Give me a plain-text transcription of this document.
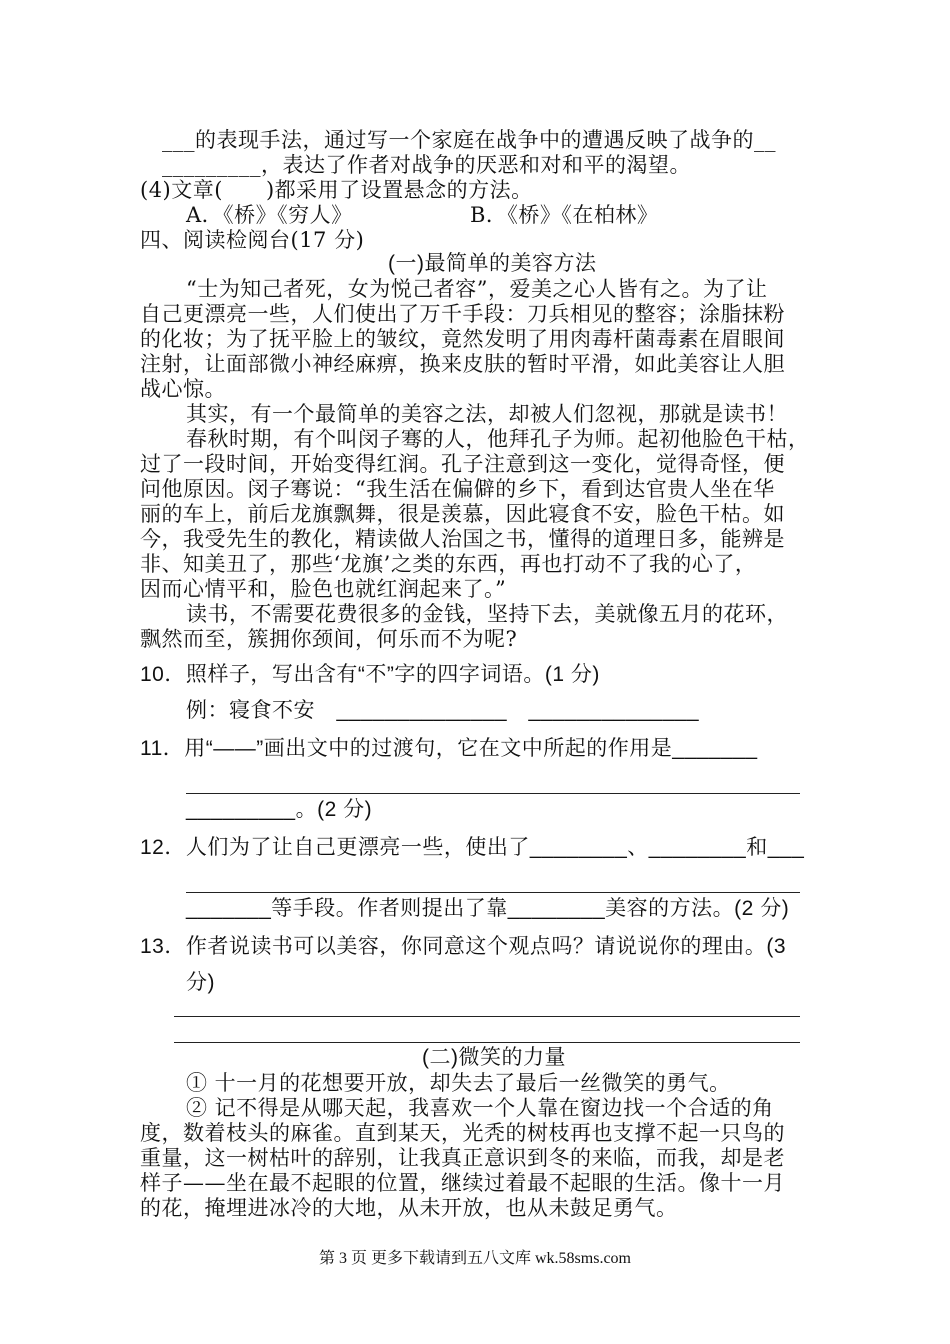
___的表现手法，通过写一个家庭在战争中的遭遇反映了战争的__
_________，表达了作者对战争的厌恶和对和平的渴望。
(4)文章(　　)都采用了设置悬念的方法。
A．《桥》《穷人》	B．《桥》《在柏林》
四、阅读检阅台(17 分)
(一)最简单的美容方法
“士为知己者死，女为悦己者容”，爱美之心人皆有之。为了让
自己更漂亮一些，人们使出了万千手段：刀兵相见的整容；涂脂抹粉
的化妆；为了抚平脸上的皱纹，竟然发明了用肉毒杆菌毒素在眉眼间
注射，让面部微小神经麻痹，换来皮肤的暂时平滑，如此美容让人胆
战心惊。
其实，有一个最简单的美容之法，却被人们忽视，那就是读书！
春秋时期，有个叫闵子骞的人，他拜孔子为师。起初他脸色干枯，
过了一段时间，开始变得红润。孔子注意到这一变化，觉得奇怪，便
问他原因。闵子骞说：“我生活在偏僻的乡下，看到达官贵人坐在华
丽的车上，前后龙旗飘舞，很是羡慕，因此寝食不安，脸色干枯。如
今，我受先生的教化，精读做人治国之书，懂得的道理日多，能辨是
非、知美丑了，那些‘龙旗’之类的东西，再也打动不了我的心了，
因而心情平和，脸色也就红润起来了。”
读书，不需要花费很多的金钱，坚持下去，美就像五月的花环，
飘然而至，簇拥你颈间，何乐而不为呢?
10．照样子，写出含有“不”字的四字词语。(1 分)
例：寝食不安　______________　______________
11．用“——”画出文中的过渡句，它在文中所起的作用是_______
_________。(2 分)
12．人们为了让自己更漂亮一些，使出了________、________和___
_______等手段。作者则提出了靠________美容的方法。(2 分)
13．作者说读书可以美容，你同意这个观点吗？请说说你的理由。(3
分)
(二)微笑的力量
① 十一月的花想要开放，却失去了最后一丝微笑的勇气。
② 记不得是从哪天起，我喜欢一个人靠在窗边找一个合适的角
度，数着枝头的麻雀。直到某天，光秃的树枝再也支撑不起一只鸟的
重量，这一树枯叶的辞别，让我真正意识到冬的来临，而我，却是老
样子——坐在最不起眼的位置，继续过着最不起眼的生活。像十一月
的花，掩埋进冰冷的大地，从未开放，也从未鼓足勇气。
第 3 页 更多下载请到五八文库 wk.58sms.com
